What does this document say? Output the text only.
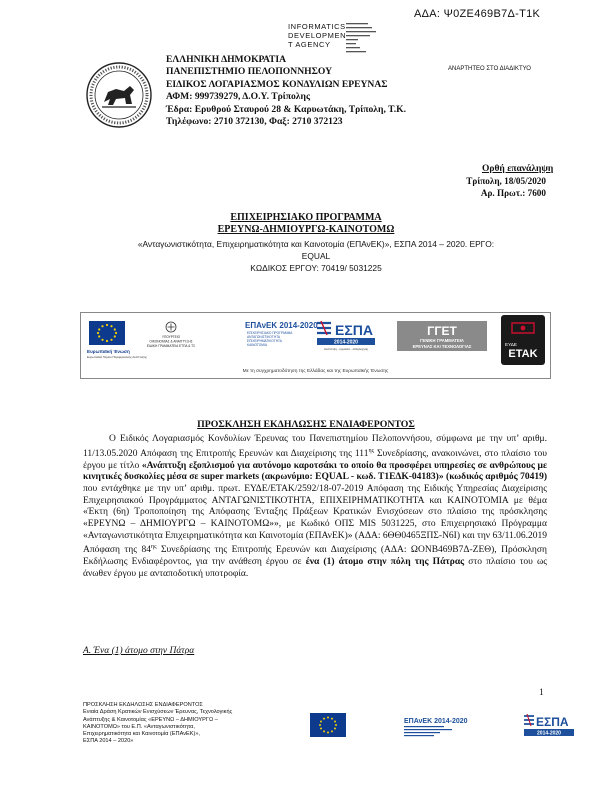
ΑΔΑ: Ψ0ΖΕ469Β7Δ-Τ1Κ
INFORMATICS
DEVELOPMEN
T AGENCY
ΕΛΛΗΝΙΚΗ ΔΗΜΟΚΡΑΤΙΑ
ΠΑΝΕΠΙΣΤΗΜΙΟ ΠΕΛΟΠΟΝΝΗΣΟΥ
ΕΙΔΙΚΟΣ ΛΟΓΑΡΙΑΣΜΟΣ ΚΟΝΔΥΛΙΩΝ ΕΡΕΥΝΑΣ
ΑΦΜ: 999739279, Δ.Ο.Υ. Τρίπολης
Έδρα: Ερυθρού Σταυρού 28 & Καρυωτάκη, Τρίπολη, Τ.Κ.
Τηλέφωνο: 2710 372130, Φαξ: 2710 372123
ΑΝΑΡΤΗΤΕΟ ΣΤΟ ΔΙΑΔΙΚΤΥΟ
Ορθή επανάληψη
Τρίπολη, 18/05/2020
Αρ. Πρωτ.: 7600
ΕΠΙΧΕΙΡΗΣΙΑΚΟ ΠΡΟΓΡΑΜΜΑ
ΕΡΕΥΝΩ-ΔΗΜΙΟΥΡΓΩ-ΚΑΙΝΟΤΟΜΩ
«Ανταγωνιστικότητα, Επιχειρηματικότητα και Καινοτομία (ΕΠΑνΕΚ)», ΕΣΠΑ 2014 – 2020. ΕΡΓΟ:
EQUAL
ΚΩΔΙΚΟΣ ΕΡΓΟΥ: 70419/ 5031225
Ευρωπαϊκή Ένωση
Ευρωπαϊκό Ταμείο Περιφερειακής Ανάπτυξης
ΥΠΟΥΡΓΕΙΟ
ΟΙΚΟΝΟΜΙΑΣ & ΑΝΑΠΤΥΞΗΣ
ΕΙΔΙΚΗ ΓΡΑΜΜΑΤΕΙΑ ΕΤΠΑ & ΤΣ
ΕΠΑνΕΚ 2014-2020
ΕΠΙΧΕΙΡΗΣΙΑΚΟ ΠΡΟΓΡΑΜΜΑ
ΑΝΤΑΓΩΝΙΣΤΙΚΟΤΗΤΑ
ΕΠΙΧΕΙΡΗΜΑΤΙΚΟΤΗΤΑ
ΚΑΙΝΟΤΟΜΙΑ
ΕΣΠΑ
2014-2020
ανάπτυξη - εργασία - αλληλεγγύη
ΓΓΕΤ
ΓΕΝΙΚΗ ΓΡΑΜΜΑΤΕΙΑ
ΕΡΕΥΝΑΣ ΚΑΙ ΤΕΧΝΟΛΟΓΙΑΣ	ΕΥΔΕ
ΕΤΑΚ
Με τη συγχρηματοδότηση της Ελλάδας και της Ευρωπαϊκής Ένωσης
ΠΡΟΣΚΛΗΣΗ ΕΚΔΗΛΩΣΗΣ ΕΝΔΙΑΦΕΡΟΝΤΟΣ

Ο Ειδικός Λογαριασμός Κονδυλίων Έρευνας του Πανεπιστημίου Πελοποννήσου, σύμφωνα με την υπ’ αριθμ. 11/13.05.2020 Απόφαση της Επιτροπής Ερευνών και Διαχείρισης της $111^{\eta\varsigma}$ Συνεδρίασης, ανακοινώνει, στο πλαίσιο του έργου με τίτλο «Ανάπτυξη εξοπλισμού για αυτόνομο καροτσάκι το οποίο θα προσφέρει υπηρεσίες σε ανθρώπους με κινητικές δυσκολίες μέσα σε super markets (ακρωνύμιο: EQUAL - κωδ. Τ1ΕΔΚ-04183)» (κωδικός αριθμός 70419) που εντάχθηκε με την υπ’ αριθμ. πρωτ. ΕΥΔΕ/ΕΤΑΚ/2592/18-07-2019 Απόφαση της Ειδικής Υπηρεσίας Διαχείρισης Επιχειρησιακού Προγράμματος ΑΝΤΑΓΩΝΙΣΤΙΚΟΤΗΤΑ, ΕΠΙΧΕΙΡΗΜΑΤΙΚΟΤΗΤΑ και ΚΑΙΝΟΤΟΜΙΑ με θέμα «Έκτη (6η) Τροποποίηση της Απόφασης Ένταξης Πράξεων Κρατικών Ενισχύσεων στο πλαίσιο της πρόσκλησης «ΕΡΕΥΝΩ – ΔΗΜΙΟΥΡΓΩ – ΚΑΙΝΟΤΟΜΩ»», με Κωδικό ΟΠΣ MIS 5031225, στο Επιχειρησιακό Πρόγραμμα «Ανταγωνιστικότητα Επιχειρηματικότητα και Καινοτομία (ΕΠΑνΕΚ)» (ΑΔΑ: 6ΘΘ0465ΞΠΣ-Ν6Ι) και την 63/11.06.2019 Απόφαση της $84^{\eta\varsigma}$ Συνεδρίασης της Επιτροπής Ερευνών και Διαχείρισης (ΑΔΑ: ΩΟΝΒ469Β7Δ-ΖΕΘ), Πρόσκληση Εκδήλωσης Ενδιαφέροντος, για την ανάθεση έργου σε ένα (1) άτομο στην πόλη της Πάτρας στο πλαίσιο του ως άνωθεν έργου με ανταποδοτική υποτροφία.

Α. Ένα (1) άτομο στην Πάτρα
1
ΠΡΟΣΚΛΗΣΗ ΕΚΔΗΛΩΣΗΣ ΕΝΔΙΑΦΕΡΟΝΤΟΣ
Ενιαία Δράση Κρατικών Ενισχύσεων Έρευνας, Τεχνολογικής
Ανάπτυξης & Καινοτομίας «ΕΡΕΥΝΩ – ΔΗΜΙΟΥΡΓΩ –
ΚΑΙΝΟΤΟΜΩ» του Ε.Π. «Ανταγωνιστικότητα,
Επιχειρηματικότητα και Καινοτομία (ΕΠΑνΕΚ)»,
ΕΣΠΑ 2014 – 2020»
ΕΠΑνΕΚ 2014-2020	ΕΣΠΑ
2014-2020
